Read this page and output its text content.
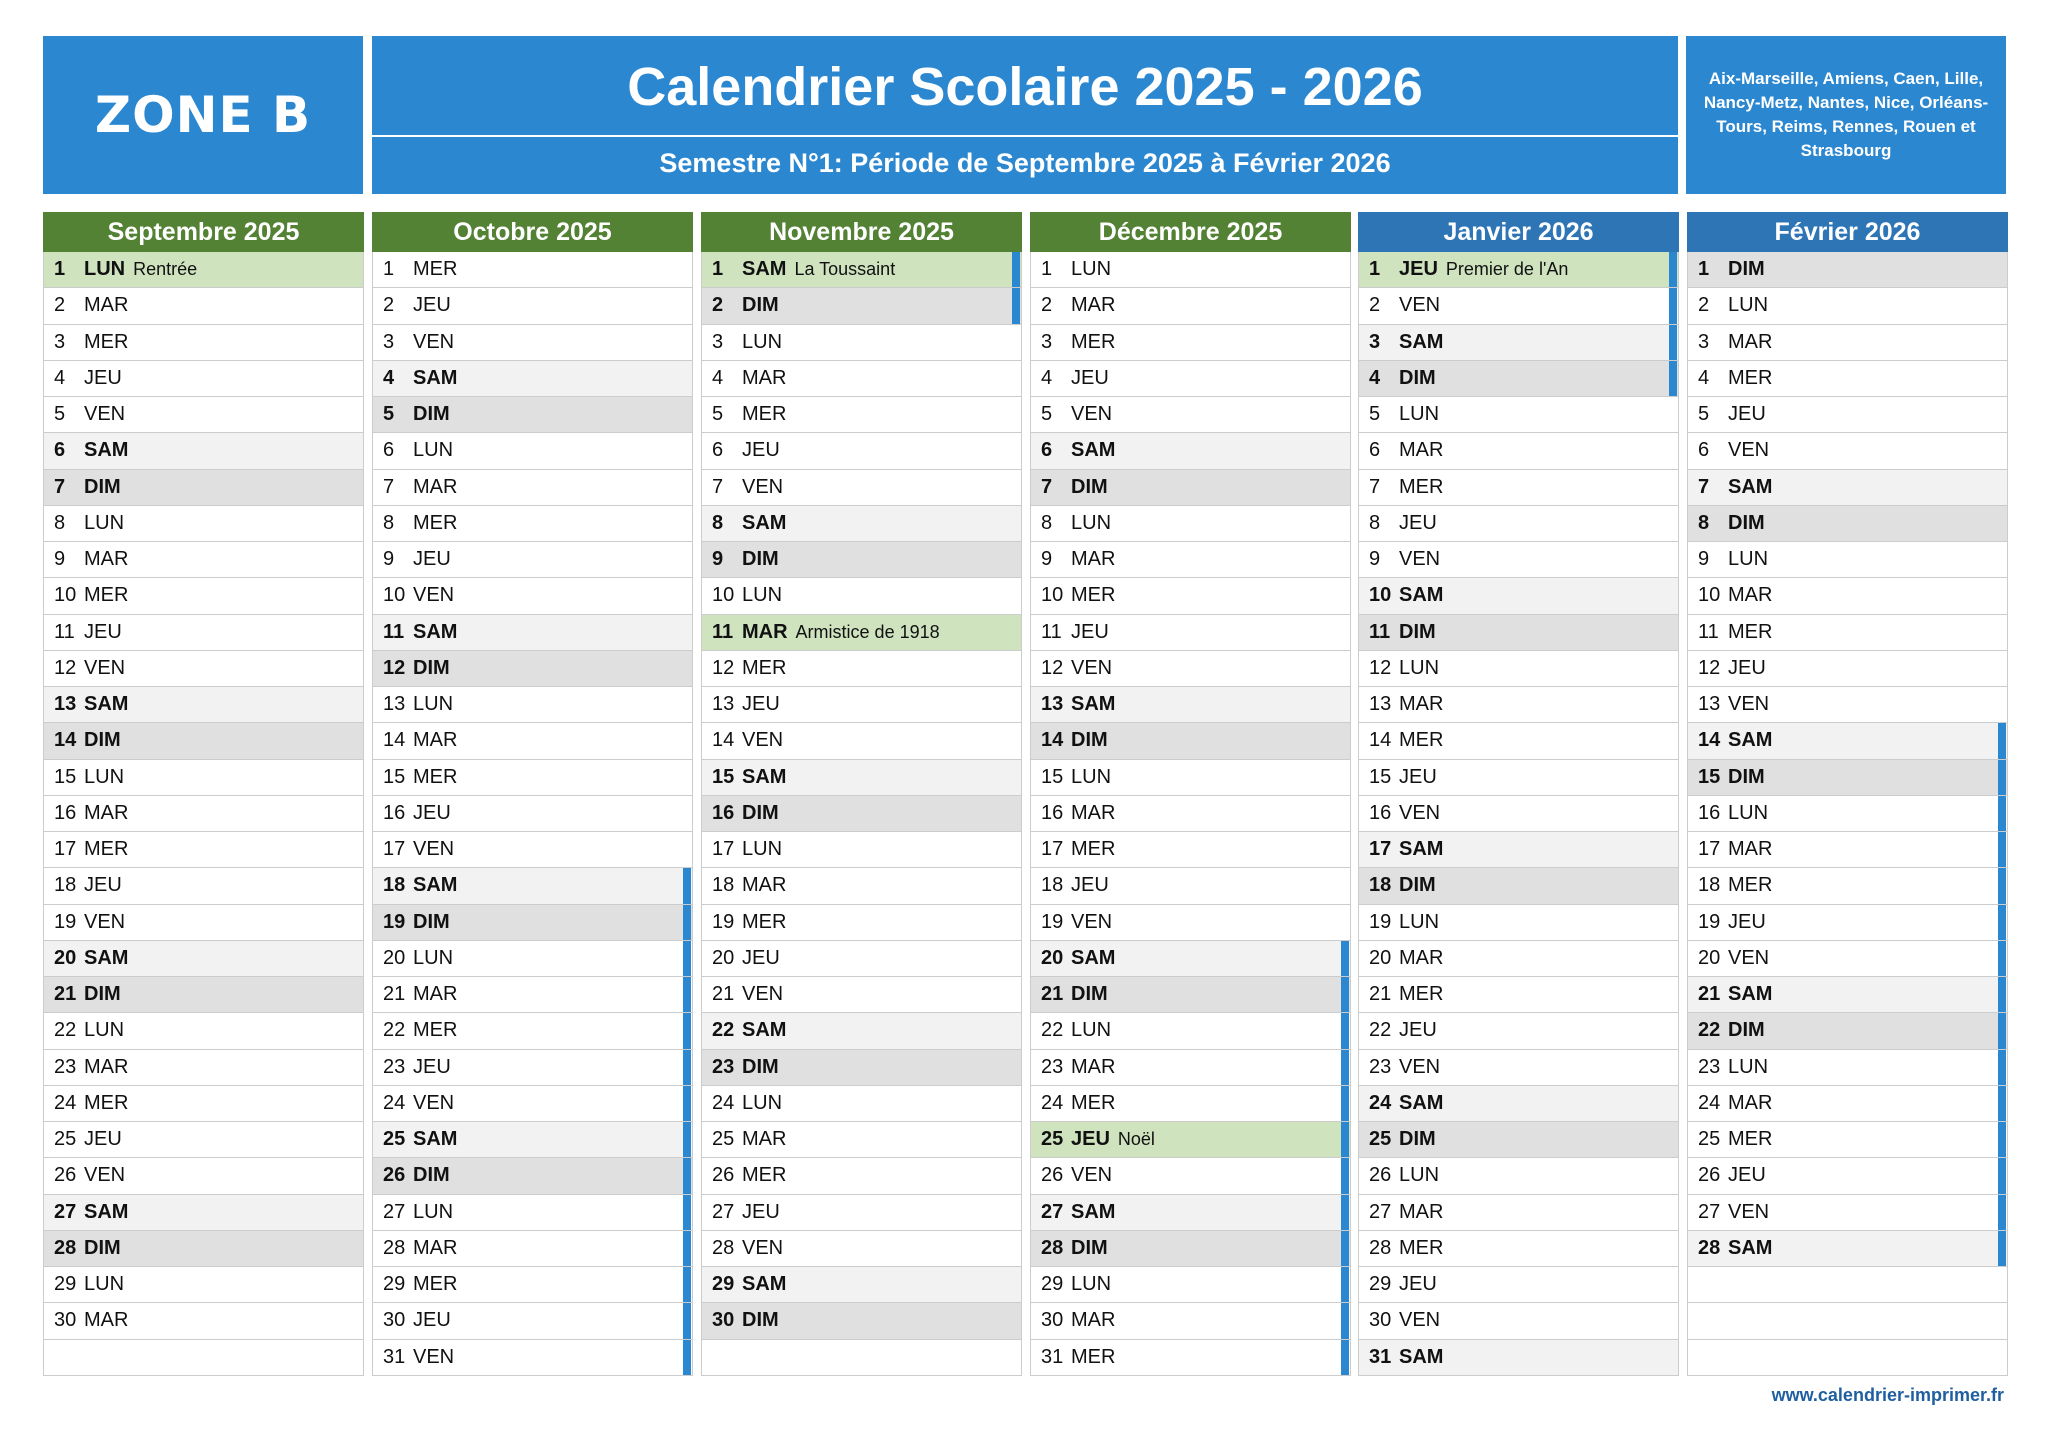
ZONE B	Calendrier Scolaire 2025 - 2026
Semestre N°1: Période de Septembre 2025 à Février 2026
Aix-Marseille, Amiens, Caen, Lille, Nancy-Metz, Nantes, Nice, Orléans-Tours, Reims, Rennes, Rouen et Strasbourg
Septembre 2025
1 LUN Rentrée
2 MAR
3 MER
4 JEU
5 VEN
6 SAM
7 DIM
8 LUN
9 MAR
10 MER
11 JEU
12 VEN
13 SAM
14 DIM
15 LUN
16 MAR
17 MER
18 JEU
19 VEN
20 SAM
21 DIM
22 LUN
23 MAR
24 MER
25 JEU
26 VEN
27 SAM
28 DIM
29 LUN
30 MAR
Octobre 2025
1 MER
2 JEU
3 VEN
4 SAM
5 DIM
6 LUN
7 MAR
8 MER
9 JEU
10 VEN
11 SAM
12 DIM
13 LUN
14 MAR
15 MER
16 JEU
17 VEN
18 SAM
19 DIM
20 LUN
21 MAR
22 MER
23 JEU
24 VEN
25 SAM
26 DIM
27 LUN
28 MAR
29 MER
30 JEU
31 VEN
Novembre 2025
1 SAM La Toussaint
2 DIM
3 LUN
4 MAR
5 MER
6 JEU
7 VEN
8 SAM
9 DIM
10 LUN
11 MAR Armistice de 1918
12 MER
13 JEU
14 VEN
15 SAM
16 DIM
17 LUN
18 MAR
19 MER
20 JEU
21 VEN
22 SAM
23 DIM
24 LUN
25 MAR
26 MER
27 JEU
28 VEN
29 SAM
30 DIM
Décembre 2025
1 LUN
2 MAR
3 MER
4 JEU
5 VEN
6 SAM
7 DIM
8 LUN
9 MAR
10 MER
11 JEU
12 VEN
13 SAM
14 DIM
15 LUN
16 MAR
17 MER
18 JEU
19 VEN
20 SAM
21 DIM
22 LUN
23 MAR
24 MER
25 JEU Noël
26 VEN
27 SAM
28 DIM
29 LUN
30 MAR
31 MER
Janvier 2026
1 JEU Premier de l'An
2 VEN
3 SAM
4 DIM
5 LUN
6 MAR
7 MER
8 JEU
9 VEN
10 SAM
11 DIM
12 LUN
13 MAR
14 MER
15 JEU
16 VEN
17 SAM
18 DIM
19 LUN
20 MAR
21 MER
22 JEU
23 VEN
24 SAM
25 DIM
26 LUN
27 MAR
28 MER
29 JEU
30 VEN
31 SAM
Février 2026
1 DIM
2 LUN
3 MAR
4 MER
5 JEU
6 VEN
7 SAM
8 DIM
9 LUN
10 MAR
11 MER
12 JEU
13 VEN
14 SAM
15 DIM
16 LUN
17 MAR
18 MER
19 JEU
20 VEN
21 SAM
22 DIM
23 LUN
24 MAR
25 MER
26 JEU
27 VEN
28 SAM
www.calendrier-imprimer.fr
